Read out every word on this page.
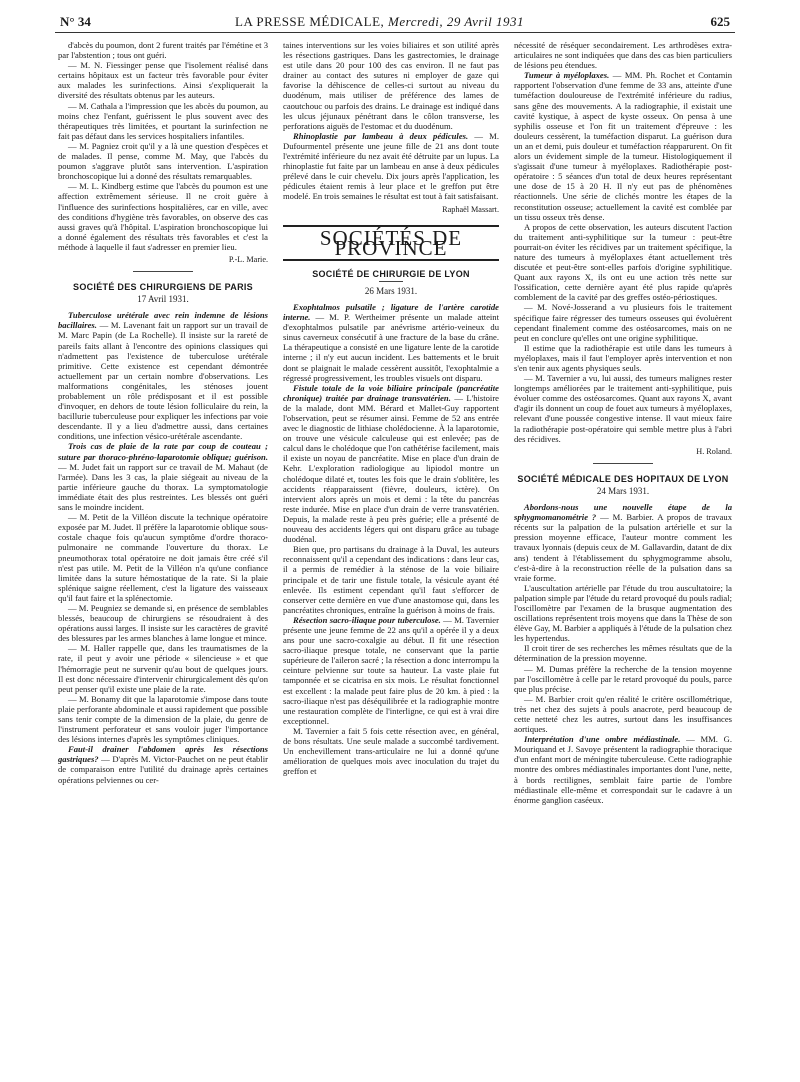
N° 34	LA PRESSE MÉDICALE, Mercredi, 29 Avril 1931	625

d'abcès du poumon, dont 2 furent traités par l'émétine et 3 par l'abstention ; tous ont guéri.

— M. N. Fiessinger pense que l'isolement réalisé dans certains hôpitaux est un facteur très favorable pour éviter aux malades les surinfections. Ainsi s'expliquerait la diversité des résultats obtenus par les auteurs.

— M. Cathala a l'impression que les abcès du poumon, au moins chez l'enfant, guérissent le plus souvent avec des thérapeutiques très limitées, et pourtant la surinfection ne fait pas défaut dans les services hospitaliers infantiles.

— M. Pagniez croit qu'il y a là une question d'espèces et de malades. Il pense, comme M. May, que l'abcès du poumon s'aggrave plutôt sans intervention. L'aspiration bronchoscopique lui a donné des résultats remarquables.

— M. L. Kindberg estime que l'abcès du poumon est une affection extrêmement sérieuse. Il ne croit guère à l'influence des surinfections hospitalières, car en ville, avec des conditions d'hygiène très favorables, on observe des cas aussi graves qu'à l'hôpital. L'aspiration bronchoscopique lui a donné également des résultats très favorables et c'est la méthode à laquelle il faut s'adresser en premier lieu.

P.-L. Marie.
SOCIÉTÉ DES CHIRURGIENS DE PARIS
17 Avril 1931.

Tuberculose urétérale avec rein indemne de lésions bacillaires. — M. Lavenant fait un rapport sur un travail de M. Marc Papin (de La Rochelle). Il insiste sur la rareté de pareils faits allant à l'encontre des opinions classiques qui n'admettent pas l'existence de tuberculose urétérale primitive. Cette existence est cependant démontrée actuellement par un certain nombre d'observations. Les malformations congénitales, les sténoses jouent probablement un rôle prédisposant et il est possible d'invoquer, en dehors de toute lésion folliculaire du rein, la bacillurie tuberculeuse pour expliquer les infections par voie descendante. Il y a lieu d'admettre aussi, dans certaines conditions, une infection vésico-urétérale ascendante.

Trois cas de plaie de la rate par coup de couteau ; suture par thoraco-phréno-laparotomie oblique; guérison. — M. Judet fait un rapport sur ce travail de M. Mahaut (de l'armée). Dans les 3 cas, la plaie siégeait au niveau de la partie inférieure gauche du thorax. La symptomatologie immédiate était des plus restreintes. Les blessés ont guéri sans le moindre incident.

— M. Petit de la Villéon discute la technique opératoire exposée par M. Judet. Il préfère la laparotomie oblique sous-costale chaque fois qu'aucun symptôme d'ordre thoraco-pulmonaire ne commande l'ouverture du thorax. Le pneumothorax total opératoire ne doit jamais être créé s'il n'est pas utile. M. Petit de la Villéon n'a qu'une confiance limitée dans la suture hémostatique de la rate. Si la plaie splénique saigne réellement, c'est la ligature des vaisseaux qu'il faut faire et la splénectomie.

— M. Peugniez se demande si, en présence de semblables blessés, beaucoup de chirurgiens se résoudraient à des opérations aussi larges. Il insiste sur les caractères de gravité des blessures par les armes blanches à lame longue et mince.

— M. Haller rappelle que, dans les traumatismes de la rate, il peut y avoir une période « silencieuse » et que l'hémorragie peut ne survenir qu'au bout de quelques jours. Il est donc nécessaire d'intervenir chirurgicalement dès qu'on peut penser qu'il existe une plaie de la rate.

— M. Bonamy dit que la laparotomie s'impose dans toute plaie perforante abdominale et aussi rapidement que possible sans tenir compte de la dimension de la plaie, du genre de l'instrument perforateur et sans vouloir juger l'importance des lésions internes d'après les symptômes cliniques.

Faut-il drainer l'abdomen après les résections gastriques? — D'après M. Victor-Pauchet on ne peut établir de comparaison entre l'utilité du drainage après certaines opérations pelviennes ou cer-

taines interventions sur les voies biliaires et son utilité après les résections gastriques. Dans les gastrectomies, le drainage est utile dans 20 pour 100 des cas environ. Il ne faut pas drainer au contact des sutures ni employer de gaze qui favorise la déhiscence de celles-ci surtout au niveau du duodénum, mais utiliser de préférence des lames de caoutchouc ou parfois des drains. Le drainage est indiqué dans les ulcus jéjunaux pénétrant dans le côlon transverse, les perforations aiguës de l'estomac et du duodénum.

Rhinoplastie par lambeau à deux pédicules. — M. Dufourmentel présente une jeune fille de 21 ans dont toute l'extrémité inférieure du nez avait été détruite par un lupus. La rhinoplastie fut faite par un lambeau en anse à deux pédicules prélevé dans le cuir chevelu. Dix jours après l'application, les pédicules étaient remis à leur place et le greffon put être modelé. En trois semaines le résultat est tout à fait satisfaisant.

Raphaël Massart.
SOCIÉTÉS DE PROVINCE
SOCIÉTÉ DE CHIRURGIE DE LYON
26 Mars 1931.

Exophtalmos pulsatile ; ligature de l'artère carotide interne. — M. P. Wertheimer présente un malade atteint d'exophtalmos pulsatile par anévrisme artério-veineux du sinus caverneux consécutif à une fracture de la base du crâne. La thérapeutique a consisté en une ligature lente de la carotide interne ; il n'y eut aucun incident. Les battements et le bruit dont se plaignait le malade cessèrent aussitôt, l'exophtalmie a régressé progressivement, les troubles visuels ont disparu.

Fistule totale de la voie biliaire principale (pancréatite chronique) traitée par drainage transvatérien. — L'histoire de la malade, dont MM. Bérard et Mallet-Guy rapportent l'observation, peut se résumer ainsi. Femme de 52 ans entrée avec le diagnostic de lithiase cholédocienne. À la laparotomie, on trouve une vésicule calculeuse qui est enlevée; pas de calcul dans le cholédoque que l'on cathétérise facilement, mais il existe un noyau de pancréatite. Mise en place d'un drain de Kehr. L'exploration radiologique au lipiodol montre un cholédoque dilaté et, toutes les fois que le drain s'oblitère, les accidents réapparaissent (fièvre, douleurs, ictère). On intervient alors après un mois et demi : la tête du pancréas reste indurée. Mise en place d'un drain de verre transvatérien. Depuis, la malade reste à peu près guérie; elle a présenté de nouveau des accidents légers qui ont disparu grâce au tubage duodénal.

Bien que, pro partisans du drainage à la Duval, les auteurs reconnaissent qu'il a cependant des indications : dans leur cas, il a permis de remédier à la sténose de la voie biliaire principale et de tarir une fistule totale, la vésicule ayant été enlevée. Ils estiment cependant qu'il faut s'efforcer de conserver cette dernière en vue d'une anastomose qui, dans les pancréatites chroniques, entraîne la guérison à moins de frais.

Résection sacro-iliaque pour tuberculose. — M. Tavernier présente une jeune femme de 22 ans qu'il a opérée il y a deux ans pour une sacro-coxalgie au début. Il fit une résection sacro-iliaque presque totale, ne conservant que la partie supérieure de l'aileron sacré ; la résection a donc interrompu la ceinture pelvienne sur toute sa hauteur. La vaste plaie fut tamponnée et se cicatrisa en six mois. Le résultat fonctionnel est excellent : la malade peut faire plus de 20 km. à pied : la sacro-iliaque n'est pas déséquilibrée et la radiographie montre une restauration complète de l'interligne, ce qui est à vrai dire exceptionnel.

M. Tavernier a fait 5 fois cette résection avec, en général, de bons résultats. Une seule malade a succombé tardivement. Un enchevillement trans-articulaire ne lui a donné qu'une amélioration de quelques mois avec inoculation du trajet du greffon et

nécessité de réséquer secondairement. Les arthrodèses extra-articulaires ne sont indiquées que dans des cas bien particuliers de lésions peu étendues.

Tumeur à myéloplaxes. — MM. Ph. Rochet et Contamin rapportent l'observation d'une femme de 33 ans, atteinte d'une tuméfaction douloureuse de l'extrémité inférieure du radius, sans gêne des mouvements. A la radiographie, il existait une cavité kystique, à aspect de kyste osseux. On pensa à une syphilis osseuse et l'on fit un traitement d'épreuve : les douleurs cessèrent, la tuméfaction disparut. La guérison dura un an et demi, puis douleur et tuméfaction réapparurent. On fit alors un évidement simple de la tumeur. Histologiquement il s'agissait d'une tumeur à myéloplaxes. Radiothérapie post-opératoire : 5 séances d'un total de deux heures représentant une dose de 15 à 20 H. Il n'y eut pas de phénomènes réactionnels. Une série de clichés montre les étapes de la reconstitution osseuse; actuellement la cavité est comblée par un tissu osseux très dense.

A propos de cette observation, les auteurs discutent l'action du traitement anti-syphilitique sur la tumeur : peut-être pourrait-on éviter les récidives par un traitement spécifique, la nature des tumeurs à myéloplaxes étant actuellement très discutée et peut-être sont-elles parfois d'origine syphilitique. Quant aux rayons X, ils ont eu une action très nette sur l'ossification, cette dernière ayant été plus rapide qu'après comblement de la cavité par des greffes ostéo-périostiques.

— M. Nové-Josserand a vu plusieurs fois le traitement spécifique faire régresser des tumeurs osseuses qui évoluèrent cependant finalement comme des ostéosarcomes, mais on ne peut en conclure qu'elles ont une origine syphilitique.

Il estime que la radiothérapie est utile dans les tumeurs à myéloplaxes, mais il faut l'employer après intervention et non s'en tenir aux agents physiques seuls.

— M. Tavernier a vu, lui aussi, des tumeurs malignes rester longtemps améliorées par le traitement anti-syphilitique, puis évoluer comme des ostéosarcomes. Quant aux rayons X, avant d'agir ils donnent un coup de fouet aux tumeurs à myéloplaxes, relevant d'une poussée congestive intense. Il vaut mieux faire la radiothérapie post-opératoire qui semble mettre plus à l'abri des récidives.

H. Roland.
SOCIÉTÉ MÉDICALE DES HOPITAUX DE LYON
24 Mars 1931.

Abordons-nous une nouvelle étape de la sphygmomanométrie ? — M. Barbier. A propos de travaux récents sur la palpation de la pulsation artérielle et sur la pression moyenne efficace, l'auteur montre comment les travaux lyonnais (depuis ceux de M. Gallavardin, datant de dix ans) tendent à l'établissement du sphygmogramme absolu, c'est-à-dire à la reconstruction réelle de la pulsation dans sa vraie forme.

L'auscultation artérielle par l'étude du trou auscultatoire; la palpation simple par l'étude du retard provoqué du pouls radial; l'oscillomètre par l'examen de la brusque augmentation des oscillations représentent trois moyens que dans la Thèse de son élève Gay, M. Barbier a appliqués à l'étude de la pulsation chez les hypertendus.

Il croit tirer de ses recherches les mêmes résultats que de la détermination de la pression moyenne.

— M. Dumas préfère la recherche de la tension moyenne par l'oscillomètre à celle par le retard provoqué du pouls, parce que plus précise.

— M. Barbier croit qu'en réalité le critère oscillométrique, très net chez des sujets à pouls anacrote, perd beaucoup de cette netteté chez les autres, surtout dans les insuffisances aortiques.

Interprétation d'une ombre médiastinale. — MM. G. Mouriquand et J. Savoye présentent la radiographie thoracique d'un enfant mort de méningite tuberculeuse. Cette radiographie montre des ombres médiastinales importantes dont l'une, nette, à bords rectilignes, semblait faire partie de l'ombre médiastinale elle-même et correspondait sur le cadavre à un énorme ganglion caséeux.
